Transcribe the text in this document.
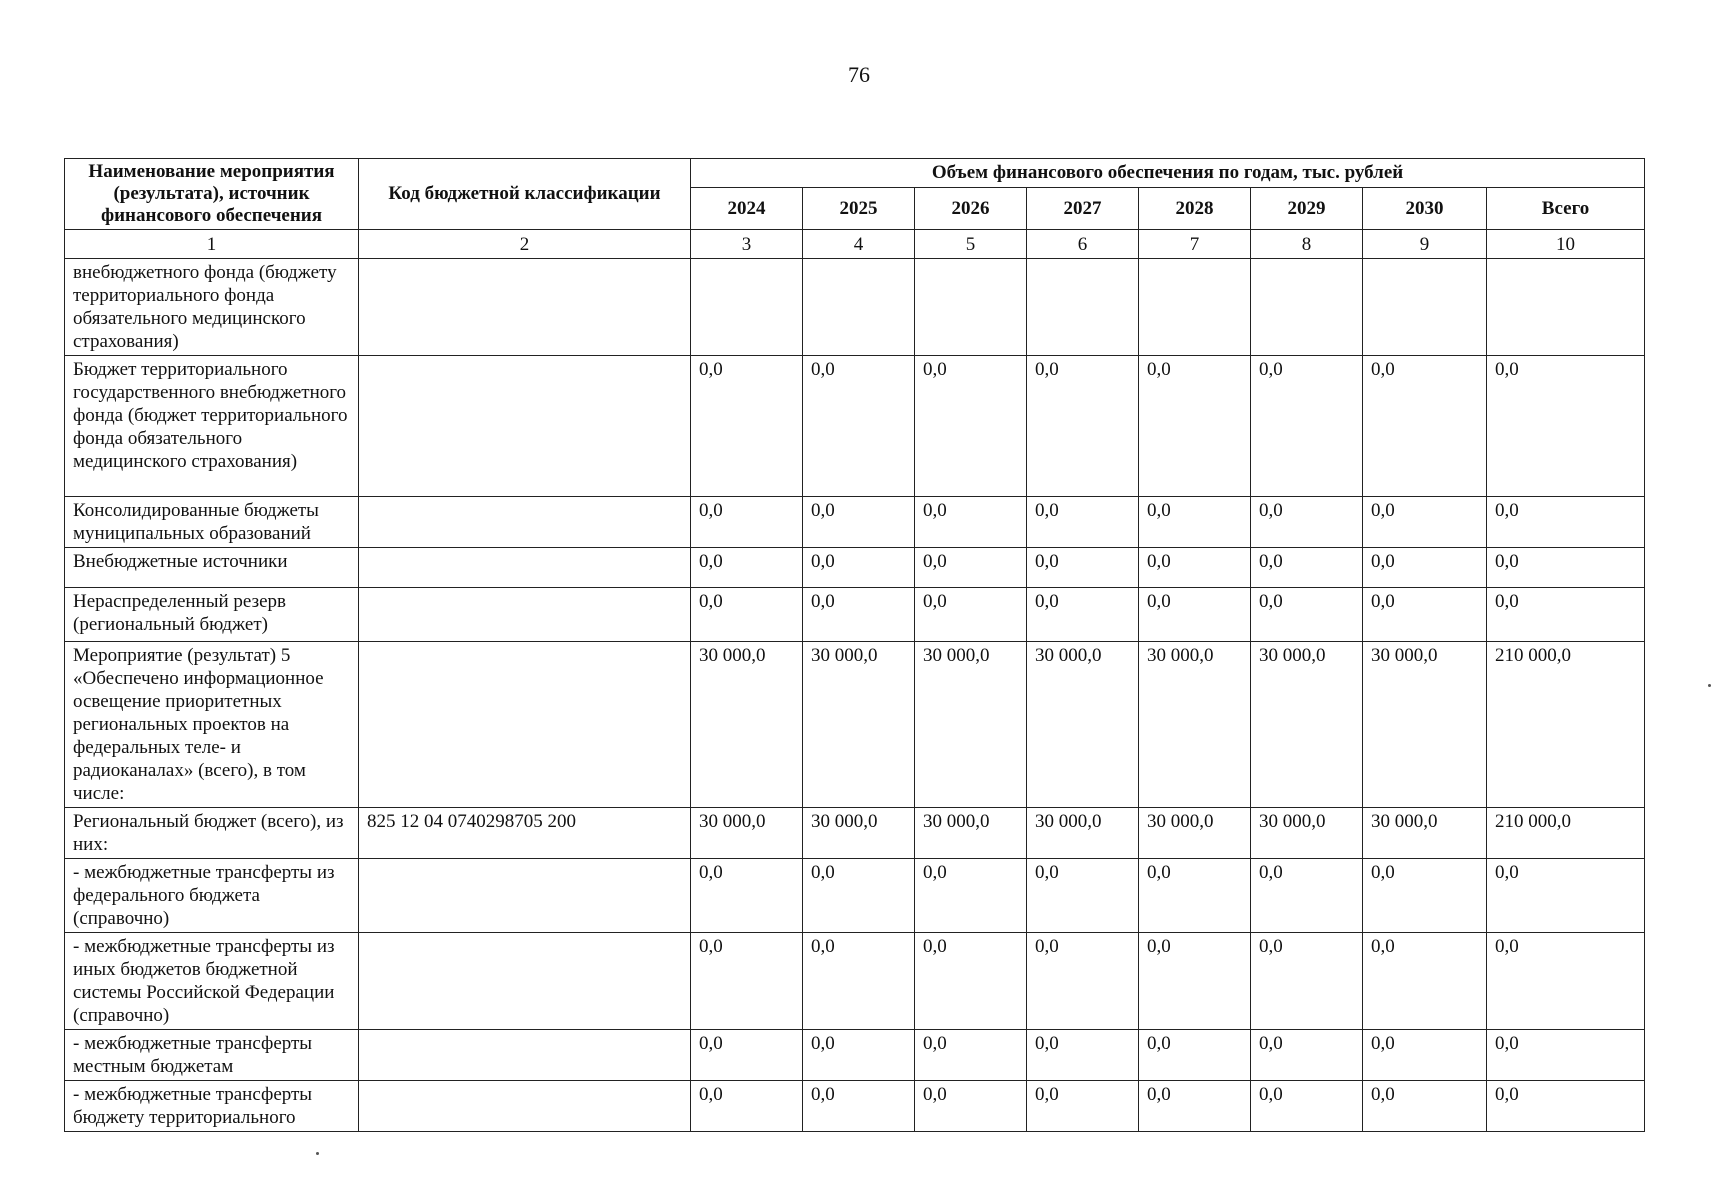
76
Наименование мероприятия (результата), источник финансового обеспечения	Код бюджетной классификации	Объем финансового обеспечения по годам, тыс. рублей							
		2024	2025	2026	2027	2028	2029	2030	Всего
1	2	3	4	5	6	7	8	9	10
внебюджетного фонда (бюджету территориального фонда обязательного медицинского страхования)									
Бюджет территориального государственного внебюджетного фонда (бюджет территориального фонда обязательного медицинского страхования)		0,0	0,0	0,0	0,0	0,0	0,0	0,0	0,0
Консолидированные бюджеты муниципальных образований		0,0	0,0	0,0	0,0	0,0	0,0	0,0	0,0
Внебюджетные источники		0,0	0,0	0,0	0,0	0,0	0,0	0,0	0,0
Нераспределенный резерв (региональный бюджет)		0,0	0,0	0,0	0,0	0,0	0,0	0,0	0,0
Мероприятие (результат) 5 «Обеспечено информационное освещение приоритетных региональных проектов на федеральных теле- и радиоканалах» (всего), в том числе:		30 000,0	30 000,0	30 000,0	30 000,0	30 000,0	30 000,0	30 000,0	210 000,0
Региональный бюджет (всего), из них:	825 12 04 0740298705 200	30 000,0	30 000,0	30 000,0	30 000,0	30 000,0	30 000,0	30 000,0	210 000,0
- межбюджетные трансферты из федерального бюджета (справочно)		0,0	0,0	0,0	0,0	0,0	0,0	0,0	0,0
- межбюджетные трансферты из иных бюджетов бюджетной системы Российской Федерации (справочно)		0,0	0,0	0,0	0,0	0,0	0,0	0,0	0,0
- межбюджетные трансферты местным бюджетам		0,0	0,0	0,0	0,0	0,0	0,0	0,0	0,0
- межбюджетные трансферты бюджету территориального		0,0	0,0	0,0	0,0	0,0	0,0	0,0	0,0
